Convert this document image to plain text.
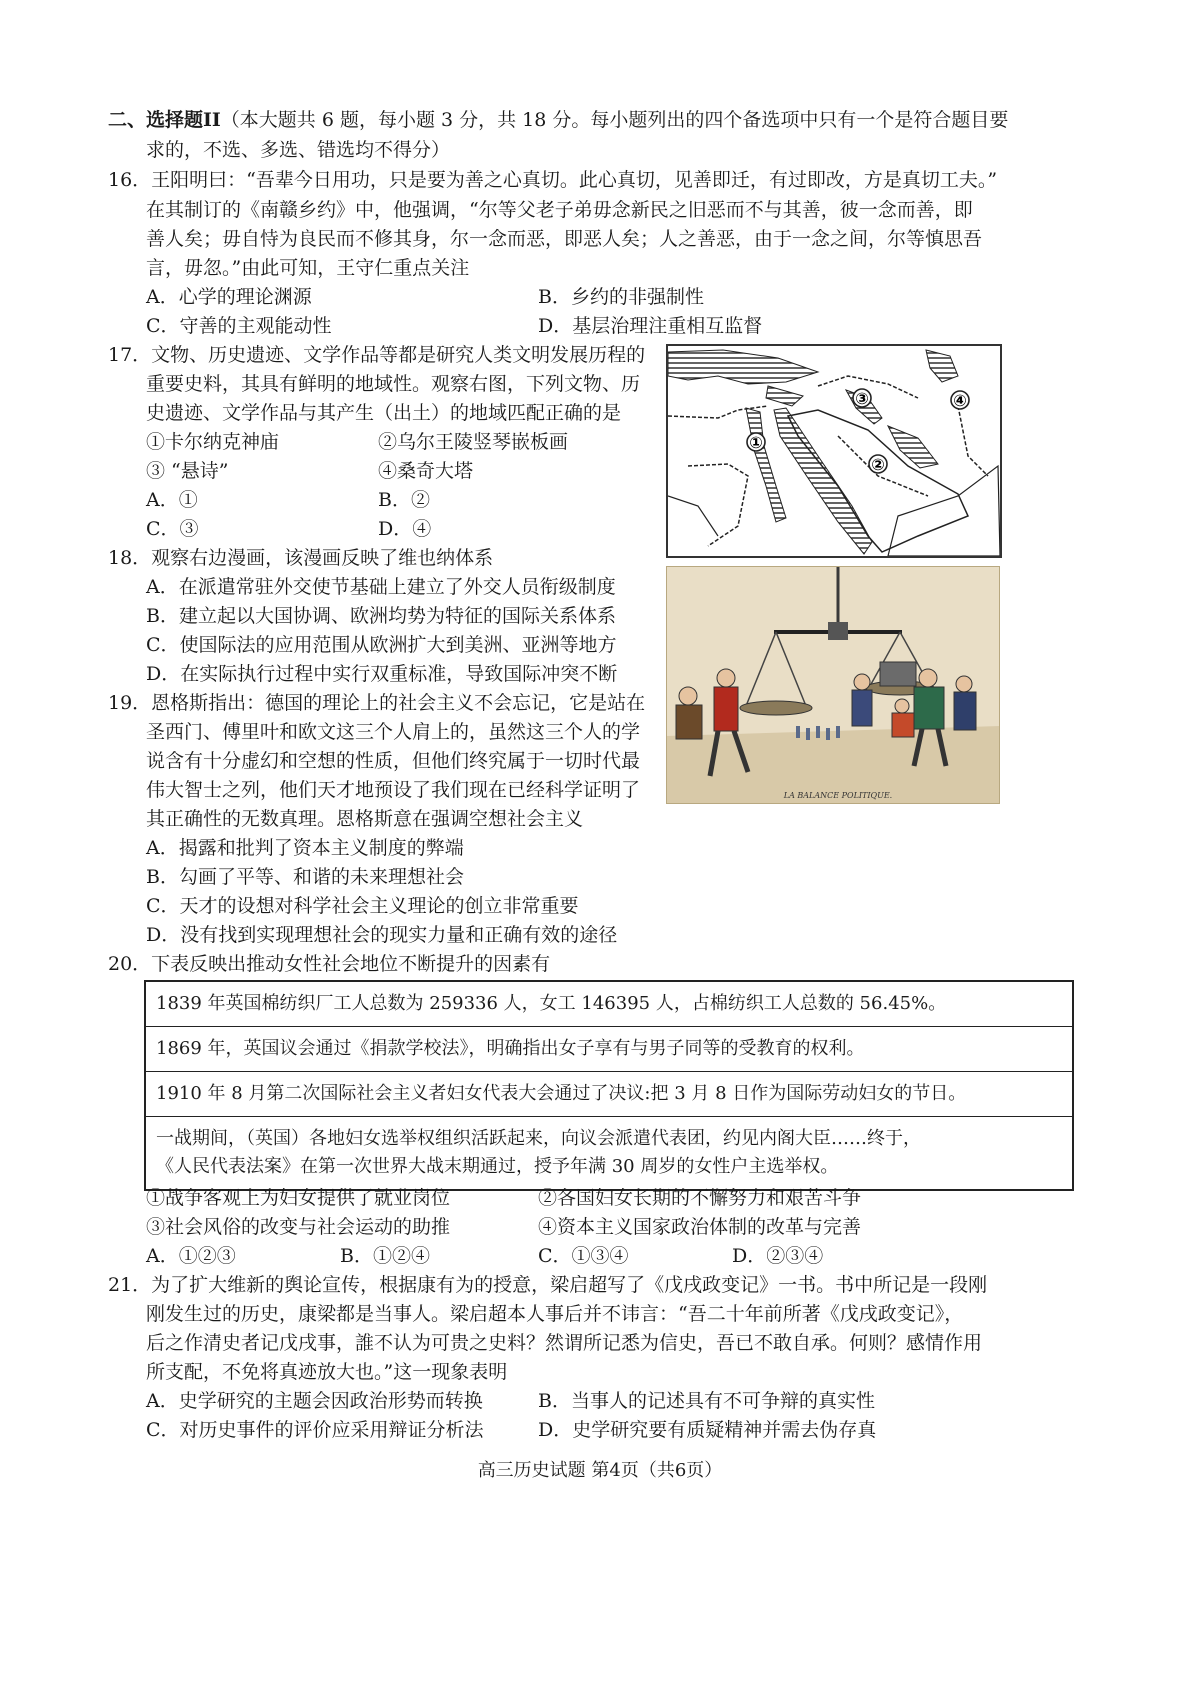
二、选择题II（本大题共 6 题，每小题 3 分，共 18 分。每小题列出的四个备选项中只有一个是符合题目要
求的，不选、多选、错选均不得分）
16．王阳明曰：“吾辈今日用功，只是要为善之心真切。此心真切，见善即迁，有过即改，方是真切工夫。”
在其制订的《南赣乡约》中，他强调，“尔等父老子弟毋念新民之旧恶而不与其善，彼一念而善，即
善人矣；毋自恃为良民而不修其身，尔一念而恶，即恶人矣；人之善恶，由于一念之间，尔等慎思吾
言，毋忽。”由此可知，王守仁重点关注
A．心学的理论渊源	B．乡约的非强制性
C．守善的主观能动性	D．基层治理注重相互监督
17．文物、历史遗迹、文学作品等都是研究人类文明发展历程的
重要史料，其具有鲜明的地域性。观察右图，下列文物、历
史遗迹、文学作品与其产生（出土）的地域匹配正确的是
①卡尔纳克神庙	②乌尔王陵竖琴嵌板画
③ “悬诗”	④桑奇大塔
A．①	B．②
C．③	D．④
①
②
③	④
18．观察右边漫画，该漫画反映了维也纳体系
A．在派遣常驻外交使节基础上建立了外交人员衔级制度
B．建立起以大国协调、欧洲均势为特征的国际关系体系
C．使国际法的应用范围从欧洲扩大到美洲、亚洲等地方
D．在实际执行过程中实行双重标准，导致国际冲突不断
LA BALANCE POLITIQUE.
19．恩格斯指出：德国的理论上的社会主义不会忘记，它是站在
圣西门、傅里叶和欧文这三个人肩上的，虽然这三个人的学
说含有十分虚幻和空想的性质，但他们终究属于一切时代最
伟大智士之列，他们天才地预设了我们现在已经科学证明了
其正确性的无数真理。恩格斯意在强调空想社会主义
A．揭露和批判了资本主义制度的弊端
B．勾画了平等、和谐的未来理想社会
C．天才的设想对科学社会主义理论的创立非常重要
D．没有找到实现理想社会的现实力量和正确有效的途径
20．下表反映出推动女性社会地位不断提升的因素有
1839 年英国棉纺织厂工人总数为 259336 人，女工 146395 人，占棉纺织工人总数的 56.45%。
1869 年，英国议会通过《捐款学校法》，明确指出女子享有与男子同等的受教育的权利。
1910 年 8 月第二次国际社会主义者妇女代表大会通过了决议:把 3 月 8 日作为国际劳动妇女的节日。
一战期间，（英国）各地妇女选举权组织活跃起来，向议会派遣代表团，约见内阁大臣……终于，
《人民代表法案》在第一次世界大战末期通过，授予年满 30 周岁的女性户主选举权。
①战争客观上为妇女提供了就业岗位	②各国妇女长期的不懈努力和艰苦斗争
③社会风俗的改变与社会运动的助推	④资本主义国家政治体制的改革与完善
A．①②③	B．①②④	C．①③④	D．②③④
21．为了扩大维新的舆论宣传，根据康有为的授意，梁启超写了《戊戌政变记》一书。书中所记是一段刚
刚发生过的历史，康梁都是当事人。梁启超本人事后并不讳言：“吾二十年前所著《戊戌政变记》，
后之作清史者记戊戌事，誰不认为可贵之史料？然谓所记悉为信史，吾已不敢自承。何则？感情作用
所支配，不免将真迹放大也。”这一现象表明
A．史学研究的主题会因政治形势而转换	B．当事人的记述具有不可争辩的真实性
C．对历史事件的评价应采用辩证分析法	D．史学研究要有质疑精神并需去伪存真
高三历史试题 第4页（共6页）
